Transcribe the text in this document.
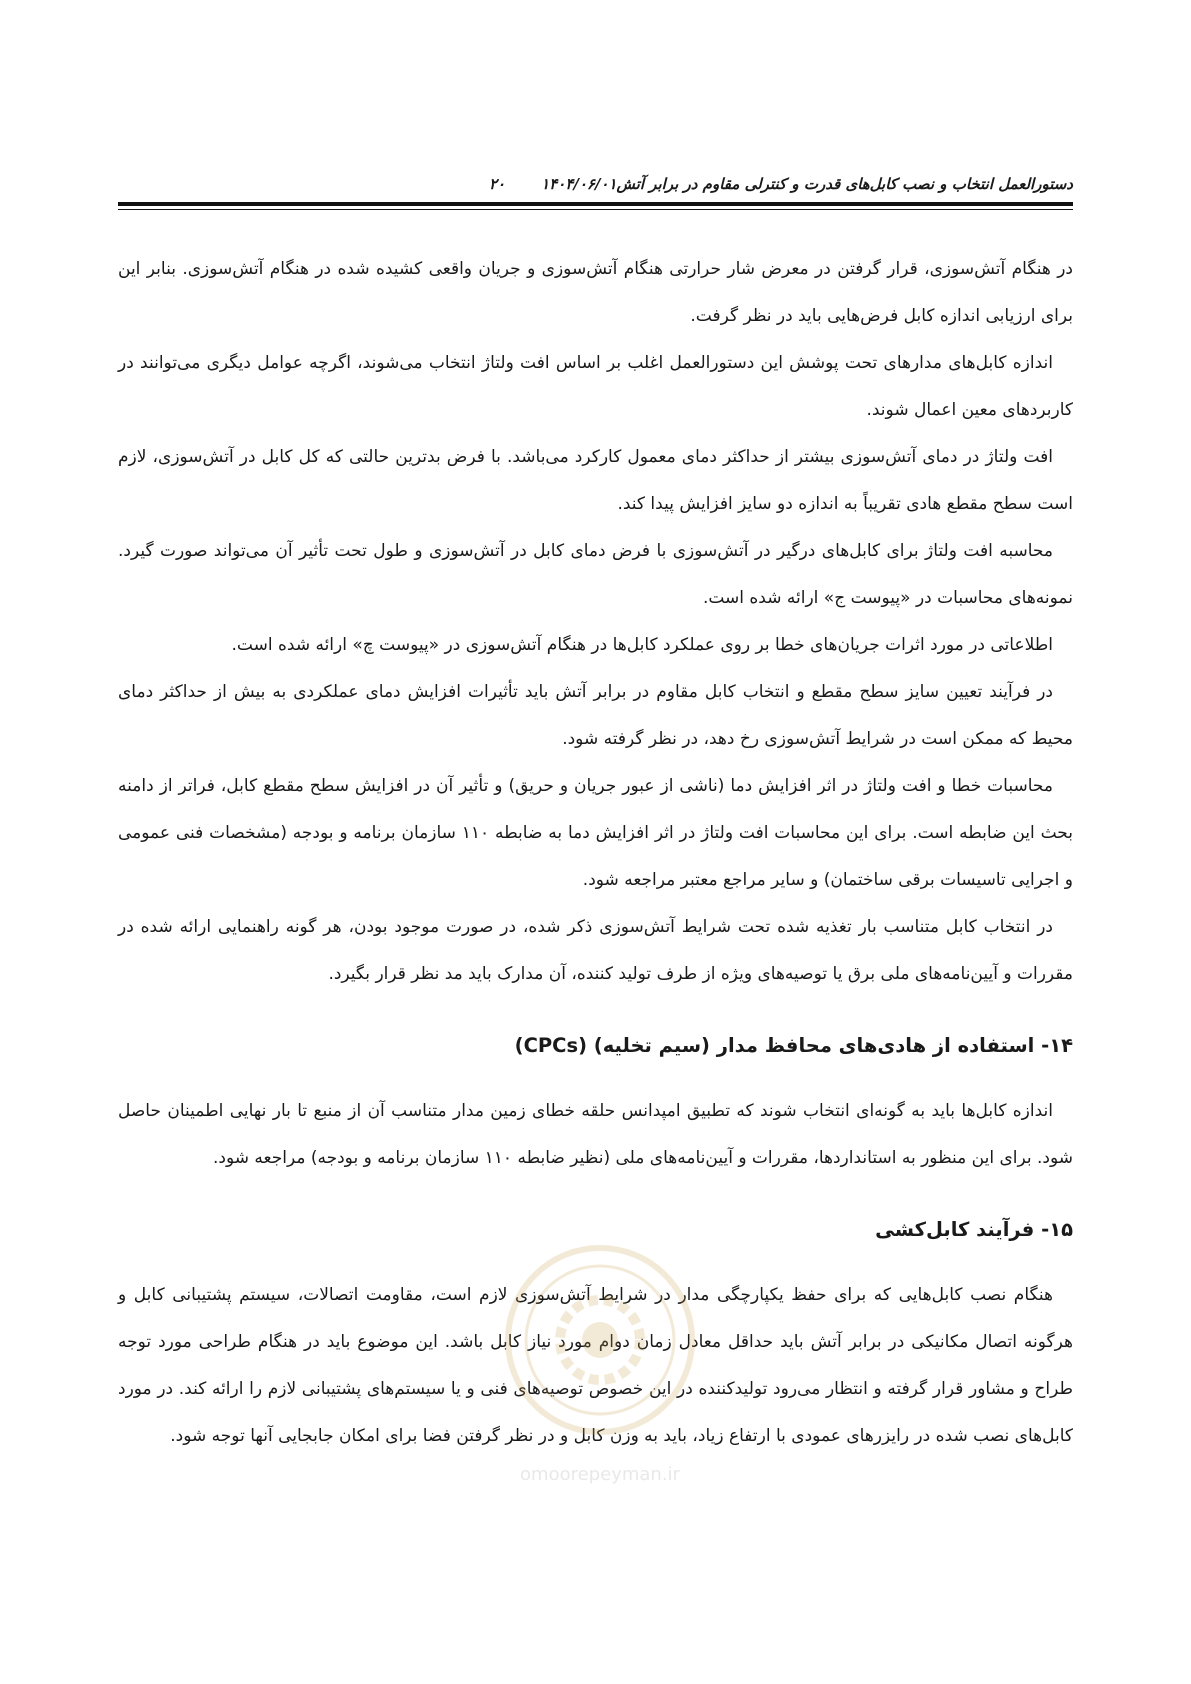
دستورالعمل انتخاب و نصب کابل‌های قدرت و کنترلی مقاوم در برابر آتش
۱۴۰۴/۰۶/۰۱
۲۰

در هنگام آتش‌سوزی، قرار گرفتن در معرض شار حرارتی هنگام آتش‌سوزی و جریان واقعی کشیده شده در هنگام آتش‌سوزی. بنابر این برای ارزیابی اندازه کابل فرض‌هایی باید در نظر گرفت.

اندازه کابل‌های مدارهای تحت پوشش این دستورالعمل اغلب بر اساس افت ولتاژ انتخاب می‌شوند، اگرچه عوامل دیگری می‌توانند در کاربردهای معین اعمال شوند.

افت ولتاژ در دمای آتش‌سوزی بیشتر از حداکثر دمای معمول کارکرد می‌باشد. با فرض بدترین حالتی که کل کابل در آتش‌سوزی، لازم است سطح مقطع هادی تقریباً به اندازه دو سایز افزایش پیدا کند.

محاسبه افت ولتاژ برای کابل‌های درگیر در آتش‌سوزی با فرض دمای کابل در آتش‌سوزی و طول تحت تأثیر آن می‌تواند صورت گیرد. نمونه‌های محاسبات در «پیوست ج» ارائه شده است.

اطلاعاتی در مورد اثرات جریان‌های خطا بر روی عملکرد کابل‌ها در هنگام آتش‌سوزی در «پیوست چ» ارائه شده است.

در فرآیند تعیین سایز سطح مقطع و انتخاب کابل مقاوم در برابر آتش باید تأثیرات افزایش دمای عملکردی به بیش از حداکثر دمای محیط که ممکن است در شرایط آتش‌سوزی رخ دهد، در نظر گرفته شود.

محاسبات خطا و افت ولتاژ در اثر افزایش دما (ناشی از عبور جریان و حریق) و تأثیر آن در افزایش سطح مقطع کابل، فراتر از دامنه بحث این ضابطه است. برای این محاسبات افت ولتاژ در اثر افزایش دما به ضابطه ۱۱۰ سازمان برنامه و بودجه (مشخصات فنی عمومی و اجرایی تاسیسات برقی ساختمان) و سایر مراجع معتبر مراجعه شود.

در انتخاب کابل متناسب بار تغذیه شده تحت شرایط آتش‌سوزی ذکر شده، در صورت موجود بودن، هر گونه راهنمایی ارائه شده در مقررات و آیین‌نامه‌های ملی برق یا توصیه‌های ویژه از طرف تولید کننده، آن مدارک باید مد نظر قرار بگیرد.

۱۴- استفاده از هادی‌های محافظ مدار (سیم تخلیه) (CPCs)

اندازه کابل‌ها باید به گونه‌ای انتخاب شوند که تطبیق امپدانس حلقه خطای زمین مدار متناسب آن از منبع تا بار نهایی اطمینان حاصل شود. برای این منظور به استانداردها، مقررات و آیین‌نامه‌های ملی (نظیر ضابطه ۱۱۰ سازمان برنامه و بودجه) مراجعه شود.

۱۵- فرآیند کابل‌کشی

هنگام نصب کابل‌هایی که برای حفظ یکپارچگی مدار در شرایط آتش‌سوزی لازم است، مقاومت اتصالات، سیستم پشتیبانی کابل و هرگونه اتصال مکانیکی در برابر آتش باید حداقل معادل زمان دوام مورد نیاز کابل باشد. این موضوع باید در هنگام طراحی مورد توجه طراح و مشاور قرار گرفته و انتظار می‌رود تولیدکننده در این خصوص توصیه‌های فنی و یا سیستم‌های پشتیبانی لازم را ارائه کند. در مورد کابل‌های نصب شده در رایزرهای عمودی با ارتفاع زیاد، باید به وزن کابل و در نظر گرفتن فضا برای امکان جابجایی آنها توجه شود.

omoorepeyman.ir
